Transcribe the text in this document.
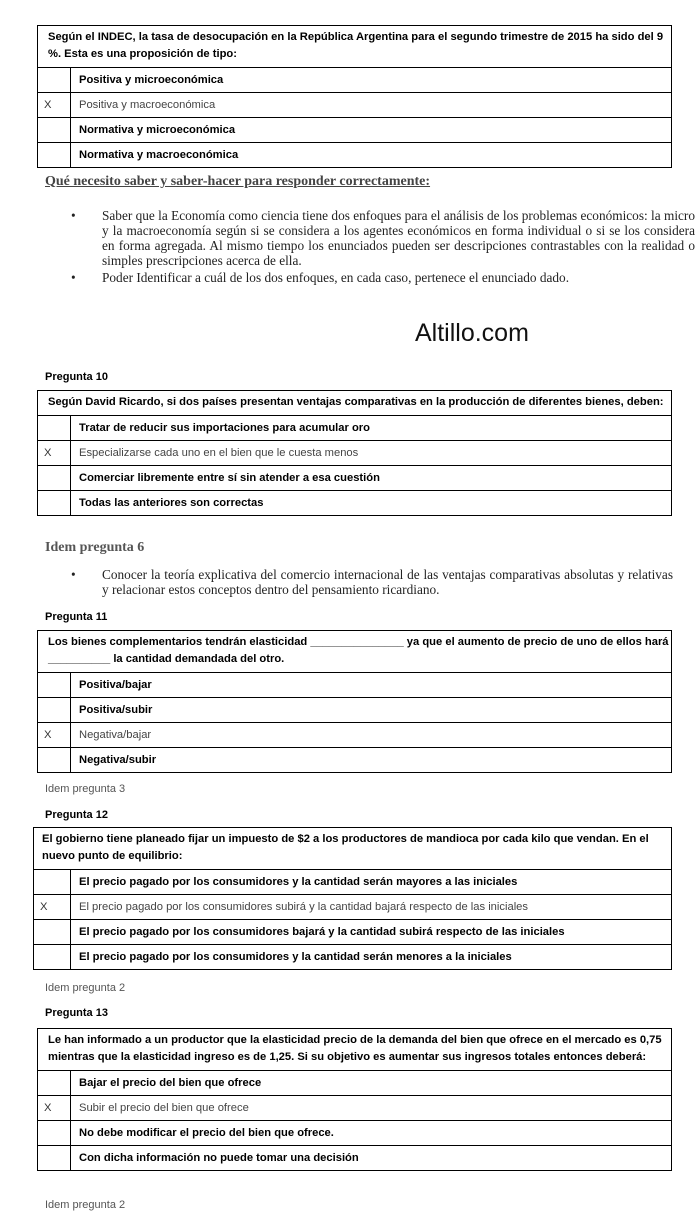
Según el INDEC, la tasa de desocupación en la República Argentina para el segundo trimestre de 2015 ha sido del 9 %. Esta es una proposición de tipo:	
	Positiva y microeconómica
X	Positiva y macroeconómica
	Normativa y microeconómica
	Normativa y macroeconómica
Qué necesito saber y saber-hacer para responder correctamente:
• Saber que la Economía como ciencia tiene dos enfoques para el análisis de los problemas económicos: la micro y la macroeconomía según si se considera a los agentes económicos en forma individual o si se los considera en forma agregada. Al mismo tiempo los enunciados pueden ser descripciones contrastables con la realidad o simples prescripciones acerca de ella.
• Poder Identificar a cuál de los dos enfoques, en cada caso, pertenece el enunciado dado.
Altillo.com
Pregunta 10
Según David Ricardo, si dos países presentan ventajas comparativas en la producción de diferentes bienes, deben:	
	Tratar de reducir sus importaciones para acumular oro
X	Especializarse cada uno en el bien que le cuesta menos
	Comerciar libremente entre sí sin atender a esa cuestión
	Todas las anteriores son correctas
Idem pregunta 6
• Conocer la teoría explicativa del comercio internacional de las ventajas comparativas absolutas y relativas y relacionar estos conceptos dentro del pensamiento ricardiano.
Pregunta 11
Los bienes complementarios tendrán elasticidad _______________ ya que el aumento de precio de uno de ellos hará __________ la cantidad demandada del otro.	
	Positiva/bajar
	Positiva/subir
X	Negativa/bajar
	Negativa/subir
Idem pregunta 3
Pregunta 12
El gobierno tiene planeado fijar un impuesto de $2 a los productores de mandioca por cada kilo que vendan. En el nuevo punto de equilibrio:	
	El precio pagado por los consumidores y la cantidad serán mayores a las iniciales
X	El precio pagado por los consumidores subirá y la cantidad bajará respecto de las iniciales
	El precio pagado por los consumidores bajará y la cantidad subirá respecto de las iniciales
	El precio pagado por los consumidores y la cantidad serán menores a la iniciales
Idem pregunta 2
Pregunta 13
Le han informado a un productor que la elasticidad precio de la demanda del bien que ofrece en el mercado es 0,75 mientras que la elasticidad ingreso es de 1,25. Si su objetivo es aumentar sus ingresos totales entonces deberá:	
	Bajar el precio del bien que ofrece
X	Subir el precio del bien que ofrece
	No debe modificar el precio del bien que ofrece.
	Con dicha información no puede tomar una decisión
Idem pregunta 2
